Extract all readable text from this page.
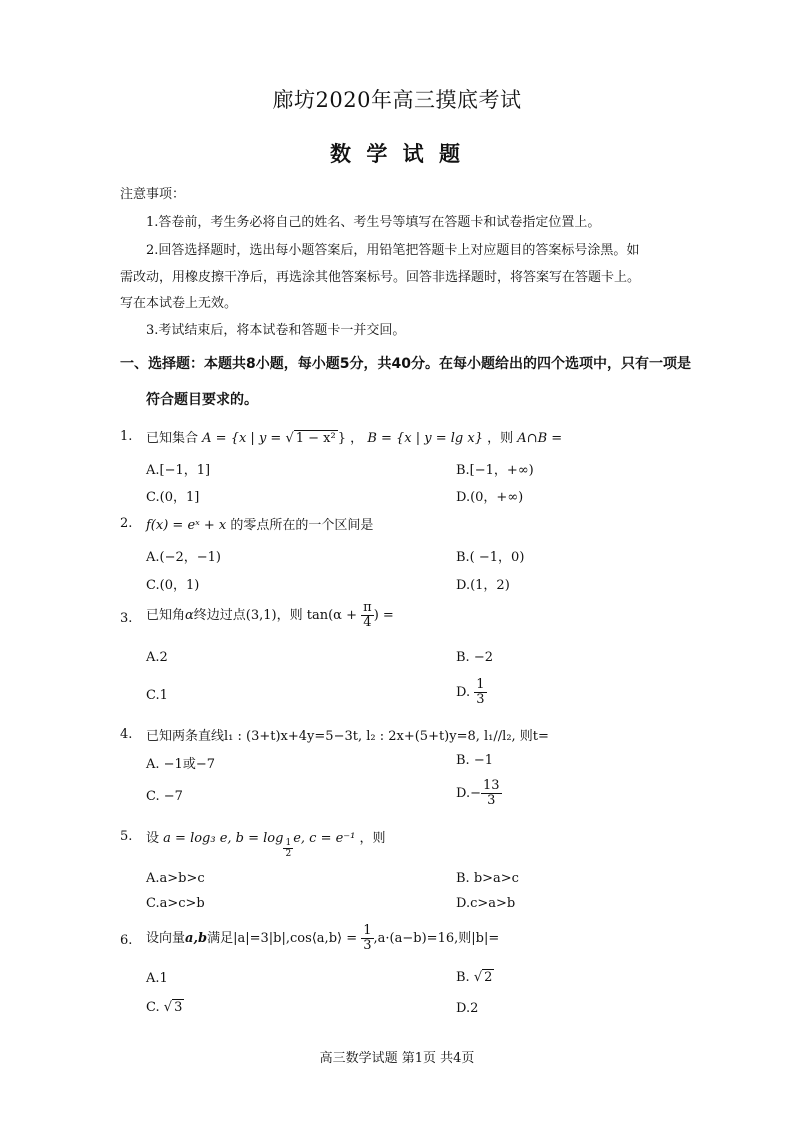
廊坊2020年高三摸底考试
数 学 试 题
注意事项：
1.答卷前，考生务必将自己的姓名、考生号等填写在答题卡和试卷指定位置上。
2.回答选择题时，选出每小题答案后，用铅笔把答题卡上对应题目的答案标号涂黑。如
需改动，用橡皮擦干净后，再选涂其他答案标号。回答非选择题时，将答案写在答题卡上。
写在本试卷上无效。
3.考试结束后，将本试卷和答题卡一并交回。
一、选择题：本题共8小题，每小题5分，共40分。在每小题给出的四个选项中，只有一项是
符合题目要求的。
1. 已知集合 A = {x | y = √ 1 − x² } ， B = {x | y = lg x} ，则 A∩B =
A.[−1，1]	B.[−1，+∞)
C.(0，1]	D.(0，+∞)
2. f(x) = eˣ + x 的零点所在的一个区间是
A.(−2，−1)	B.( −1，0)
C.(0，1)	D.(1，2)
3. 已知角α终边过点(3,1)，则 $\tan(\alpha + \frac{\pi}{4}$ ) =
A.2	B. −2
C.1	D. $\frac{1}{3}$
4. 已知两条直线l₁ : (3+t)x+4y=5−3t, l₂ : 2x+(5+t)y=8, l₁//l₂, 则t=
A. −1或−7	B. −1
C. −7	$D.- \frac{13}{3}$
5. 设 a = log₃ e, $b = \log \frac{1}{2} e$, c = e⁻¹ ，则
A.a>b>c	B. b>a>c
C.a>c>b	D.c>a>b
6. 设向量a,b满足|a|=3|b|,cos⟨a,b⟩ = $\frac{1}{3} ,a\cdot(a-b)=16$,则|b|=
A.1	B. √ 2
C. √ 3	D.2
高三数学试题 第1页 共4页
